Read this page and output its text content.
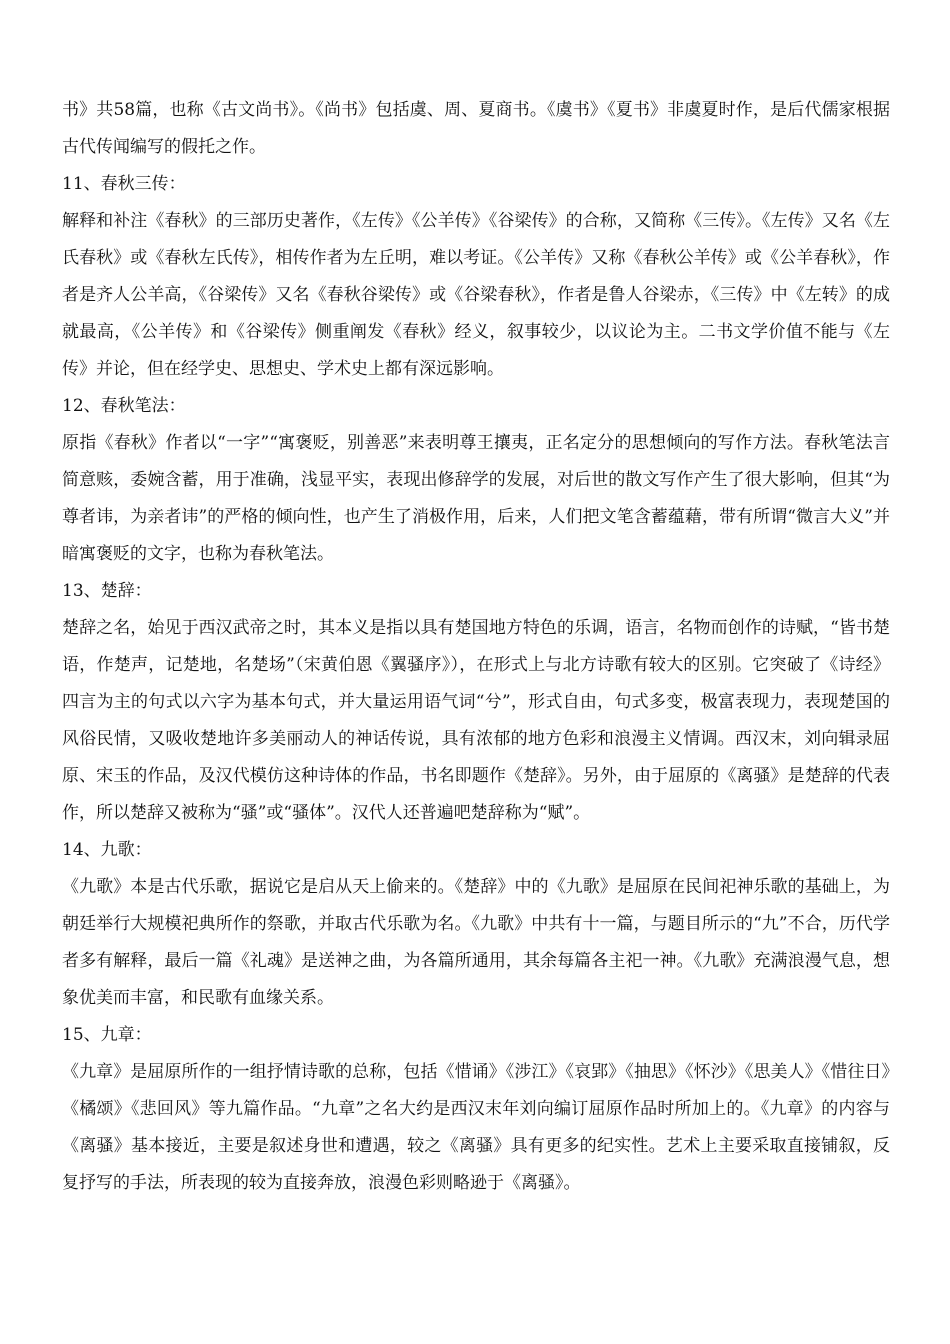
书》共58篇，也称《古文尚书》。《尚书》包括虞、周、夏商书。《虞书》《夏书》非虞夏时作，是后代儒家根据古代传闻编写的假托之作。

11、春秋三传：

解释和补注《春秋》的三部历史著作，《左传》《公羊传》《谷梁传》的合称，又简称《三传》。《左传》又名《左氏春秋》或《春秋左氏传》，相传作者为左丘明，难以考证。《公羊传》又称《春秋公羊传》或《公羊春秋》，作者是齐人公羊高，《谷梁传》又名《春秋谷梁传》或《谷梁春秋》，作者是鲁人谷梁赤，《三传》中《左转》的成就最高，《公羊传》和《谷梁传》侧重阐发《春秋》经义，叙事较少，以议论为主。二书文学价值不能与《左传》并论，但在经学史、思想史、学术史上都有深远影响。

12、春秋笔法：

原指《春秋》作者以“一字”“寓褒贬，别善恶”来表明尊王攘夷，正名定分的思想倾向的写作方法。春秋笔法言简意赅，委婉含蓄，用于准确，浅显平实，表现出修辞学的发展，对后世的散文写作产生了很大影响，但其“为尊者讳，为亲者讳”的严格的倾向性，也产生了消极作用，后来，人们把文笔含蓄蕴藉，带有所谓“微言大义”并暗寓褒贬的文字，也称为春秋笔法。

13、楚辞：

楚辞之名，始见于西汉武帝之时，其本义是指以具有楚国地方特色的乐调，语言，名物而创作的诗赋，“皆书楚语，作楚声，记楚地，名楚场”（宋黄伯恩《翼骚序》），在形式上与北方诗歌有较大的区别。它突破了《诗经》四言为主的句式以六字为基本句式，并大量运用语气词“兮”，形式自由，句式多变，极富表现力，表现楚国的风俗民情，又吸收楚地许多美丽动人的神话传说，具有浓郁的地方色彩和浪漫主义情调。西汉末，刘向辑录屈原、宋玉的作品，及汉代模仿这种诗体的作品，书名即题作《楚辞》。另外，由于屈原的《离骚》是楚辞的代表作，所以楚辞又被称为“骚”或“骚体”。汉代人还普遍吧楚辞称为“赋”。

14、九歌：

《九歌》本是古代乐歌，据说它是启从天上偷来的。《楚辞》中的《九歌》是屈原在民间祀神乐歌的基础上，为朝廷举行大规模祀典所作的祭歌，并取古代乐歌为名。《九歌》中共有十一篇，与题目所示的“九”不合，历代学者多有解释，最后一篇《礼魂》是送神之曲，为各篇所通用，其余每篇各主祀一神。《九歌》充满浪漫气息，想象优美而丰富，和民歌有血缘关系。

15、九章：

《九章》是屈原所作的一组抒情诗歌的总称，包括《惜诵》《涉江》《哀郢》《抽思》《怀沙》《思美人》《惜往日》《橘颂》《悲回风》等九篇作品。“九章”之名大约是西汉末年刘向编订屈原作品时所加上的。《九章》的内容与《离骚》基本接近，主要是叙述身世和遭遇，较之《离骚》具有更多的纪实性。艺术上主要采取直接铺叙，反复抒写的手法，所表现的较为直接奔放，浪漫色彩则略逊于《离骚》。
